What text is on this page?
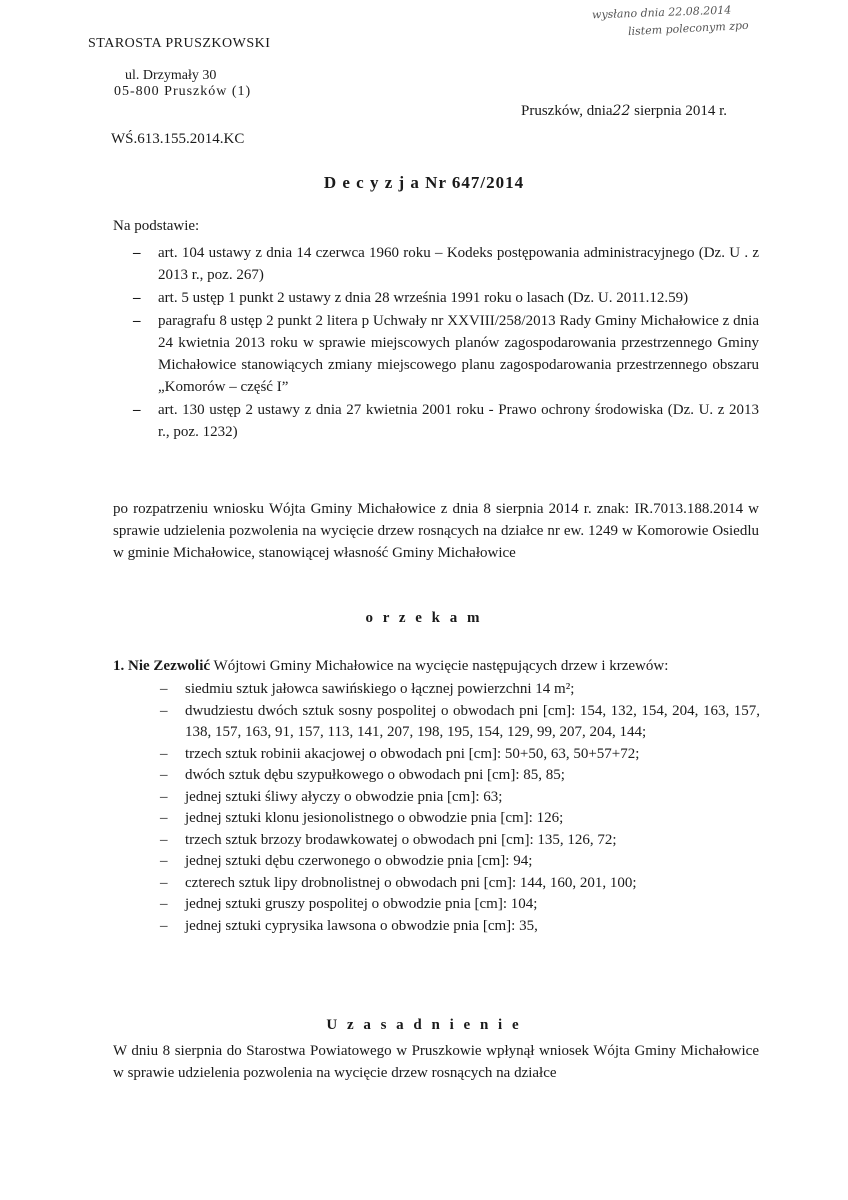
wysłano dnia 22.08.2014
listem poleconym zpo
STAROSTA PRUSZKOWSKI
ul. Drzymały 30
05-800 Pruszków (1)
Pruszków, dnia22 sierpnia 2014 r.
WŚ.613.155.2014.KC
D e c y z j a Nr 647/2014
Na podstawie:
– art. 104 ustawy z dnia 14 czerwca 1960 roku – Kodeks postępowania administracyjnego (Dz. U . z 2013 r., poz. 267)
– art. 5 ustęp 1 punkt 2 ustawy z dnia 28 września 1991 roku o lasach (Dz. U. 2011.12.59)
– paragrafu 8 ustęp 2 punkt 2 litera p Uchwały nr XXVIII/258/2013 Rady Gminy Michałowice z dnia 24 kwietnia 2013 roku w sprawie miejscowych planów zagospodarowania przestrzennego Gminy Michałowice stanowiących zmiany miejscowego planu zagospodarowania przestrzennego obszaru „Komorów – część I”
– art. 130 ustęp 2 ustawy z dnia 27 kwietnia 2001 roku - Prawo ochrony środowiska (Dz. U. z 2013 r., poz. 1232)
po rozpatrzeniu wniosku Wójta Gminy Michałowice z dnia 8 sierpnia 2014 r. znak: IR.7013.188.2014 w sprawie udzielenia pozwolenia na wycięcie drzew rosnących na działce nr ew. 1249 w Komorowie Osiedlu w gminie Michałowice, stanowiącej własność Gminy Michałowice
o r z e k a m
1. Nie Zezwolić Wójtowi Gminy Michałowice na wycięcie następujących drzew i krzewów:
– siedmiu sztuk jałowca sawińskiego o łącznej powierzchni 14 m²;
– dwudziestu dwóch sztuk sosny pospolitej o obwodach pni [cm]: 154, 132, 154, 204, 163, 157, 138, 157, 163, 91, 157, 113, 141, 207, 198, 195, 154, 129, 99, 207, 204, 144;
– trzech sztuk robinii akacjowej o obwodach pni [cm]: 50+50, 63, 50+57+72;
– dwóch sztuk dębu szypułkowego o obwodach pni [cm]: 85, 85;
– jednej sztuki śliwy ałyczy o obwodzie pnia [cm]: 63;
– jednej sztuki klonu jesionolistnego o obwodzie pnia [cm]: 126;
– trzech sztuk brzozy brodawkowatej o obwodach pni [cm]: 135, 126, 72;
– jednej sztuki dębu czerwonego o obwodzie pnia [cm]: 94;
– czterech sztuk lipy drobnolistnej o obwodach pni [cm]: 144, 160, 201, 100;
– jednej sztuki gruszy pospolitej o obwodzie pnia [cm]: 104;
– jednej sztuki cyprysika lawsona o obwodzie pnia [cm]: 35,
U z a s a d n i e n i e
W dniu 8 sierpnia do Starostwa Powiatowego w Pruszkowie wpłynął wniosek Wójta Gminy Michałowice w sprawie udzielenia pozwolenia na wycięcie drzew rosnących na działce
